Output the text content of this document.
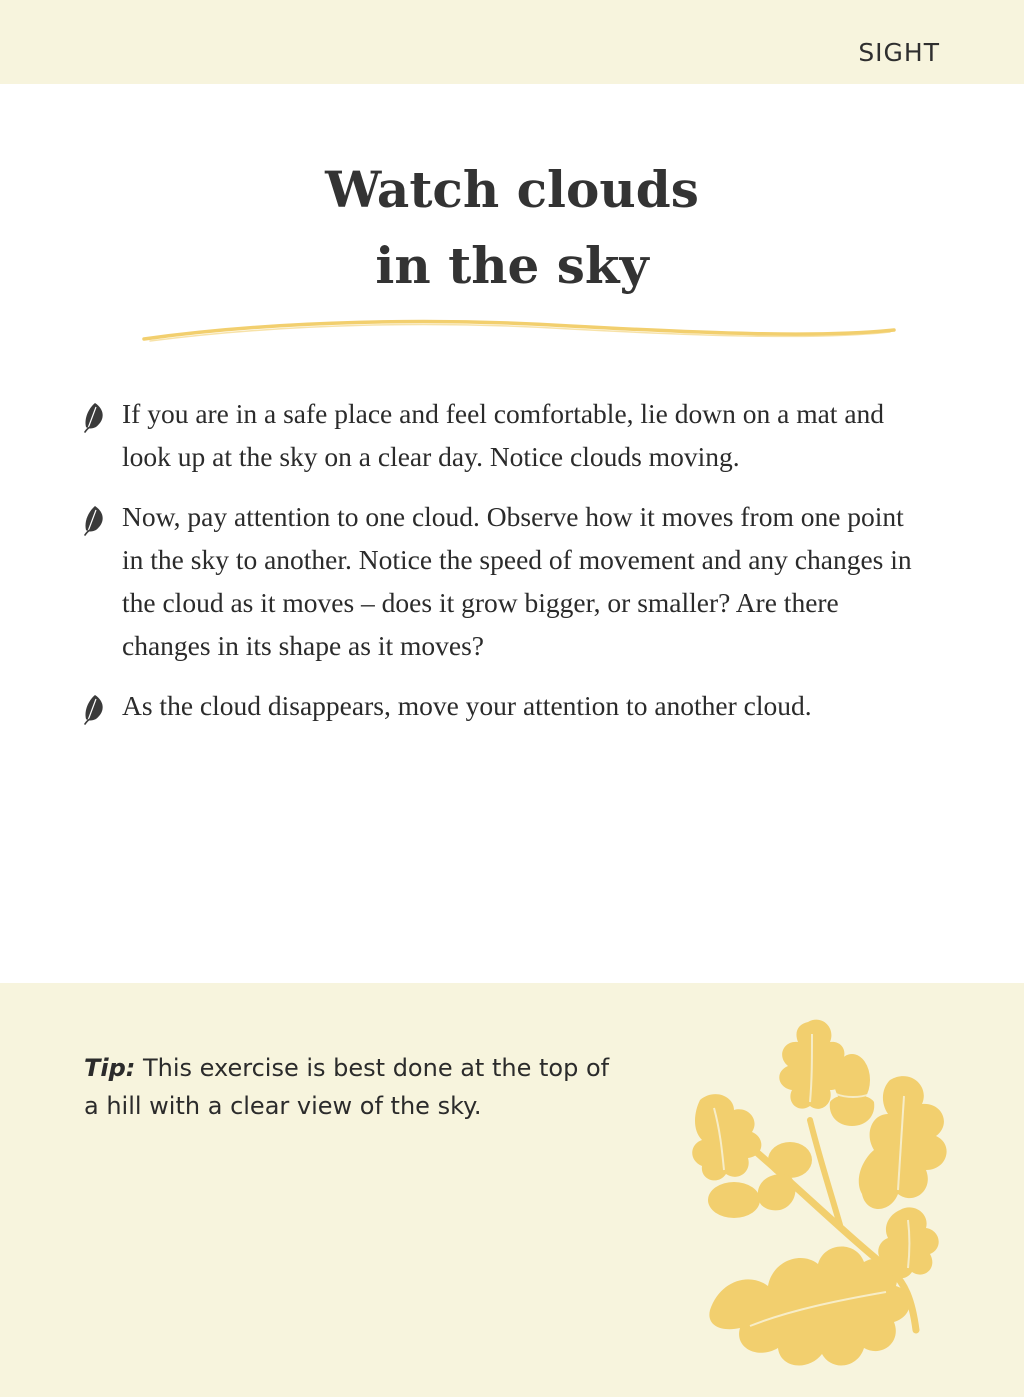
SIGHT
Watch clouds
in the sky
If you are in a safe place and feel comfortable, lie down on a mat and look up at the sky on a clear day. Notice clouds moving.
Now, pay attention to one cloud. Observe how it moves from one point in the sky to another. Notice the speed of movement and any changes in the cloud as it moves – does it grow bigger, or smaller? Are there changes in its shape as it moves?
As the cloud disappears, move your attention to another cloud.
Tip: This exercise is best done at the top of a hill with a clear view of the sky.
